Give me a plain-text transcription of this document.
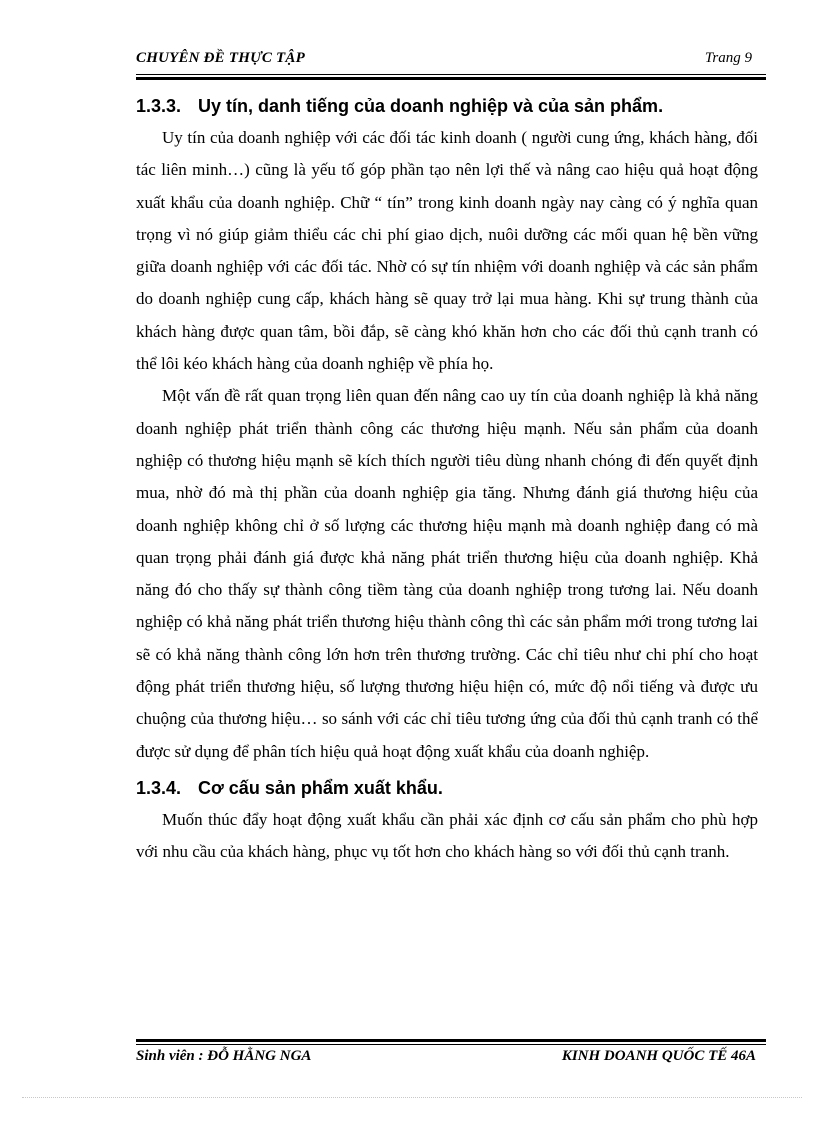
CHUYÊN ĐỀ THỰC TẬP	Trang 9
1.3.3. Uy tín, danh tiếng của doanh nghiệp và của sản phẩm.

Uy tín của doanh nghiệp với các đối tác kinh doanh ( người cung ứng, khách hàng, đối tác liên minh…) cũng là yếu tố góp phần tạo nên lợi thế và nâng cao hiệu quả hoạt động xuất khẩu của doanh nghiệp. Chữ “ tín” trong kinh doanh ngày nay càng có ý nghĩa quan trọng vì nó giúp giảm thiểu các chi phí giao dịch, nuôi dưỡng các mối quan hệ bền vững giữa doanh nghiệp với các đối tác. Nhờ có sự tín nhiệm với doanh nghiệp và các sản phẩm do doanh nghiệp cung cấp, khách hàng sẽ quay trở lại mua hàng. Khi sự trung thành của khách hàng được quan tâm, bồi đắp, sẽ càng khó khăn hơn cho các đối thủ cạnh tranh có thể lôi kéo khách hàng của doanh nghiệp về phía họ.

Một vấn đề rất quan trọng liên quan đến nâng cao uy tín của doanh nghiệp là khả năng doanh nghiệp phát triển thành công các thương hiệu mạnh. Nếu sản phẩm của doanh nghiệp có thương hiệu mạnh sẽ kích thích người tiêu dùng nhanh chóng đi đến quyết định mua, nhờ đó mà thị phần của doanh nghiệp gia tăng. Nhưng đánh giá thương hiệu của doanh nghiệp không chỉ ở số lượng các thương hiệu mạnh mà doanh nghiệp đang có mà quan trọng phải đánh giá được khả năng phát triển thương hiệu của doanh nghiệp. Khả năng đó cho thấy sự thành công tiềm tàng của doanh nghiệp trong tương lai. Nếu doanh nghiệp có khả năng phát triển thương hiệu thành công thì các sản phẩm mới trong tương lai sẽ có khả năng thành công lớn hơn trên thương trường. Các chỉ tiêu như chi phí cho hoạt động phát triển thương hiệu, số lượng thương hiệu hiện có, mức độ nổi tiếng và được ưu chuộng của thương hiệu… so sánh với các chỉ tiêu tương ứng của đối thủ cạnh tranh có thể được sử dụng để phân tích hiệu quả hoạt động xuất khẩu của doanh nghiệp.

1.3.4. Cơ cấu sản phẩm xuất khẩu.

Muốn thúc đẩy hoạt động xuất khẩu cần phải xác định cơ cấu sản phẩm cho phù hợp với nhu cầu của khách hàng, phục vụ tốt hơn cho khách hàng so với đối thủ cạnh tranh.

Sinh viên : ĐỖ HẰNG NGA	KINH DOANH QUỐC TẾ 46A
